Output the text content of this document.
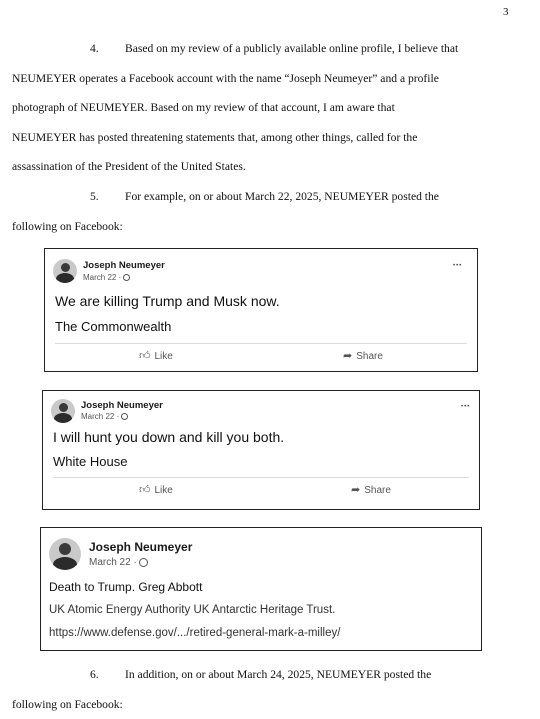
3
4. Based on my review of a publicly available online profile, I believe that
NEUMEYER operates a Facebook account with the name “Joseph Neumeyer” and a profile
photograph of NEUMEYER. Based on my review of that account, I am aware that
NEUMEYER has posted threatening statements that, among other things, called for the
assassination of the President of the United States.
5. For example, on or about March 22, 2025, NEUMEYER posted the
following on Facebook:
Joseph Neumeyer
March 22 ·
•••
We are killing Trump and Musk now.
The Commonwealth
👍︎ Like	➦ Share
Joseph Neumeyer
March 22 ·
•••
I will hunt you down and kill you both.
White House
👍︎ Like	➦ Share
Joseph Neumeyer
March 22 ·
Death to Trump. Greg Abbott
UK Atomic Energy Authority UK Antarctic Heritage Trust.
https://www.defense.gov/.../retired-general-mark-a-milley/
6. In addition, on or about March 24, 2025, NEUMEYER posted the
following on Facebook:
